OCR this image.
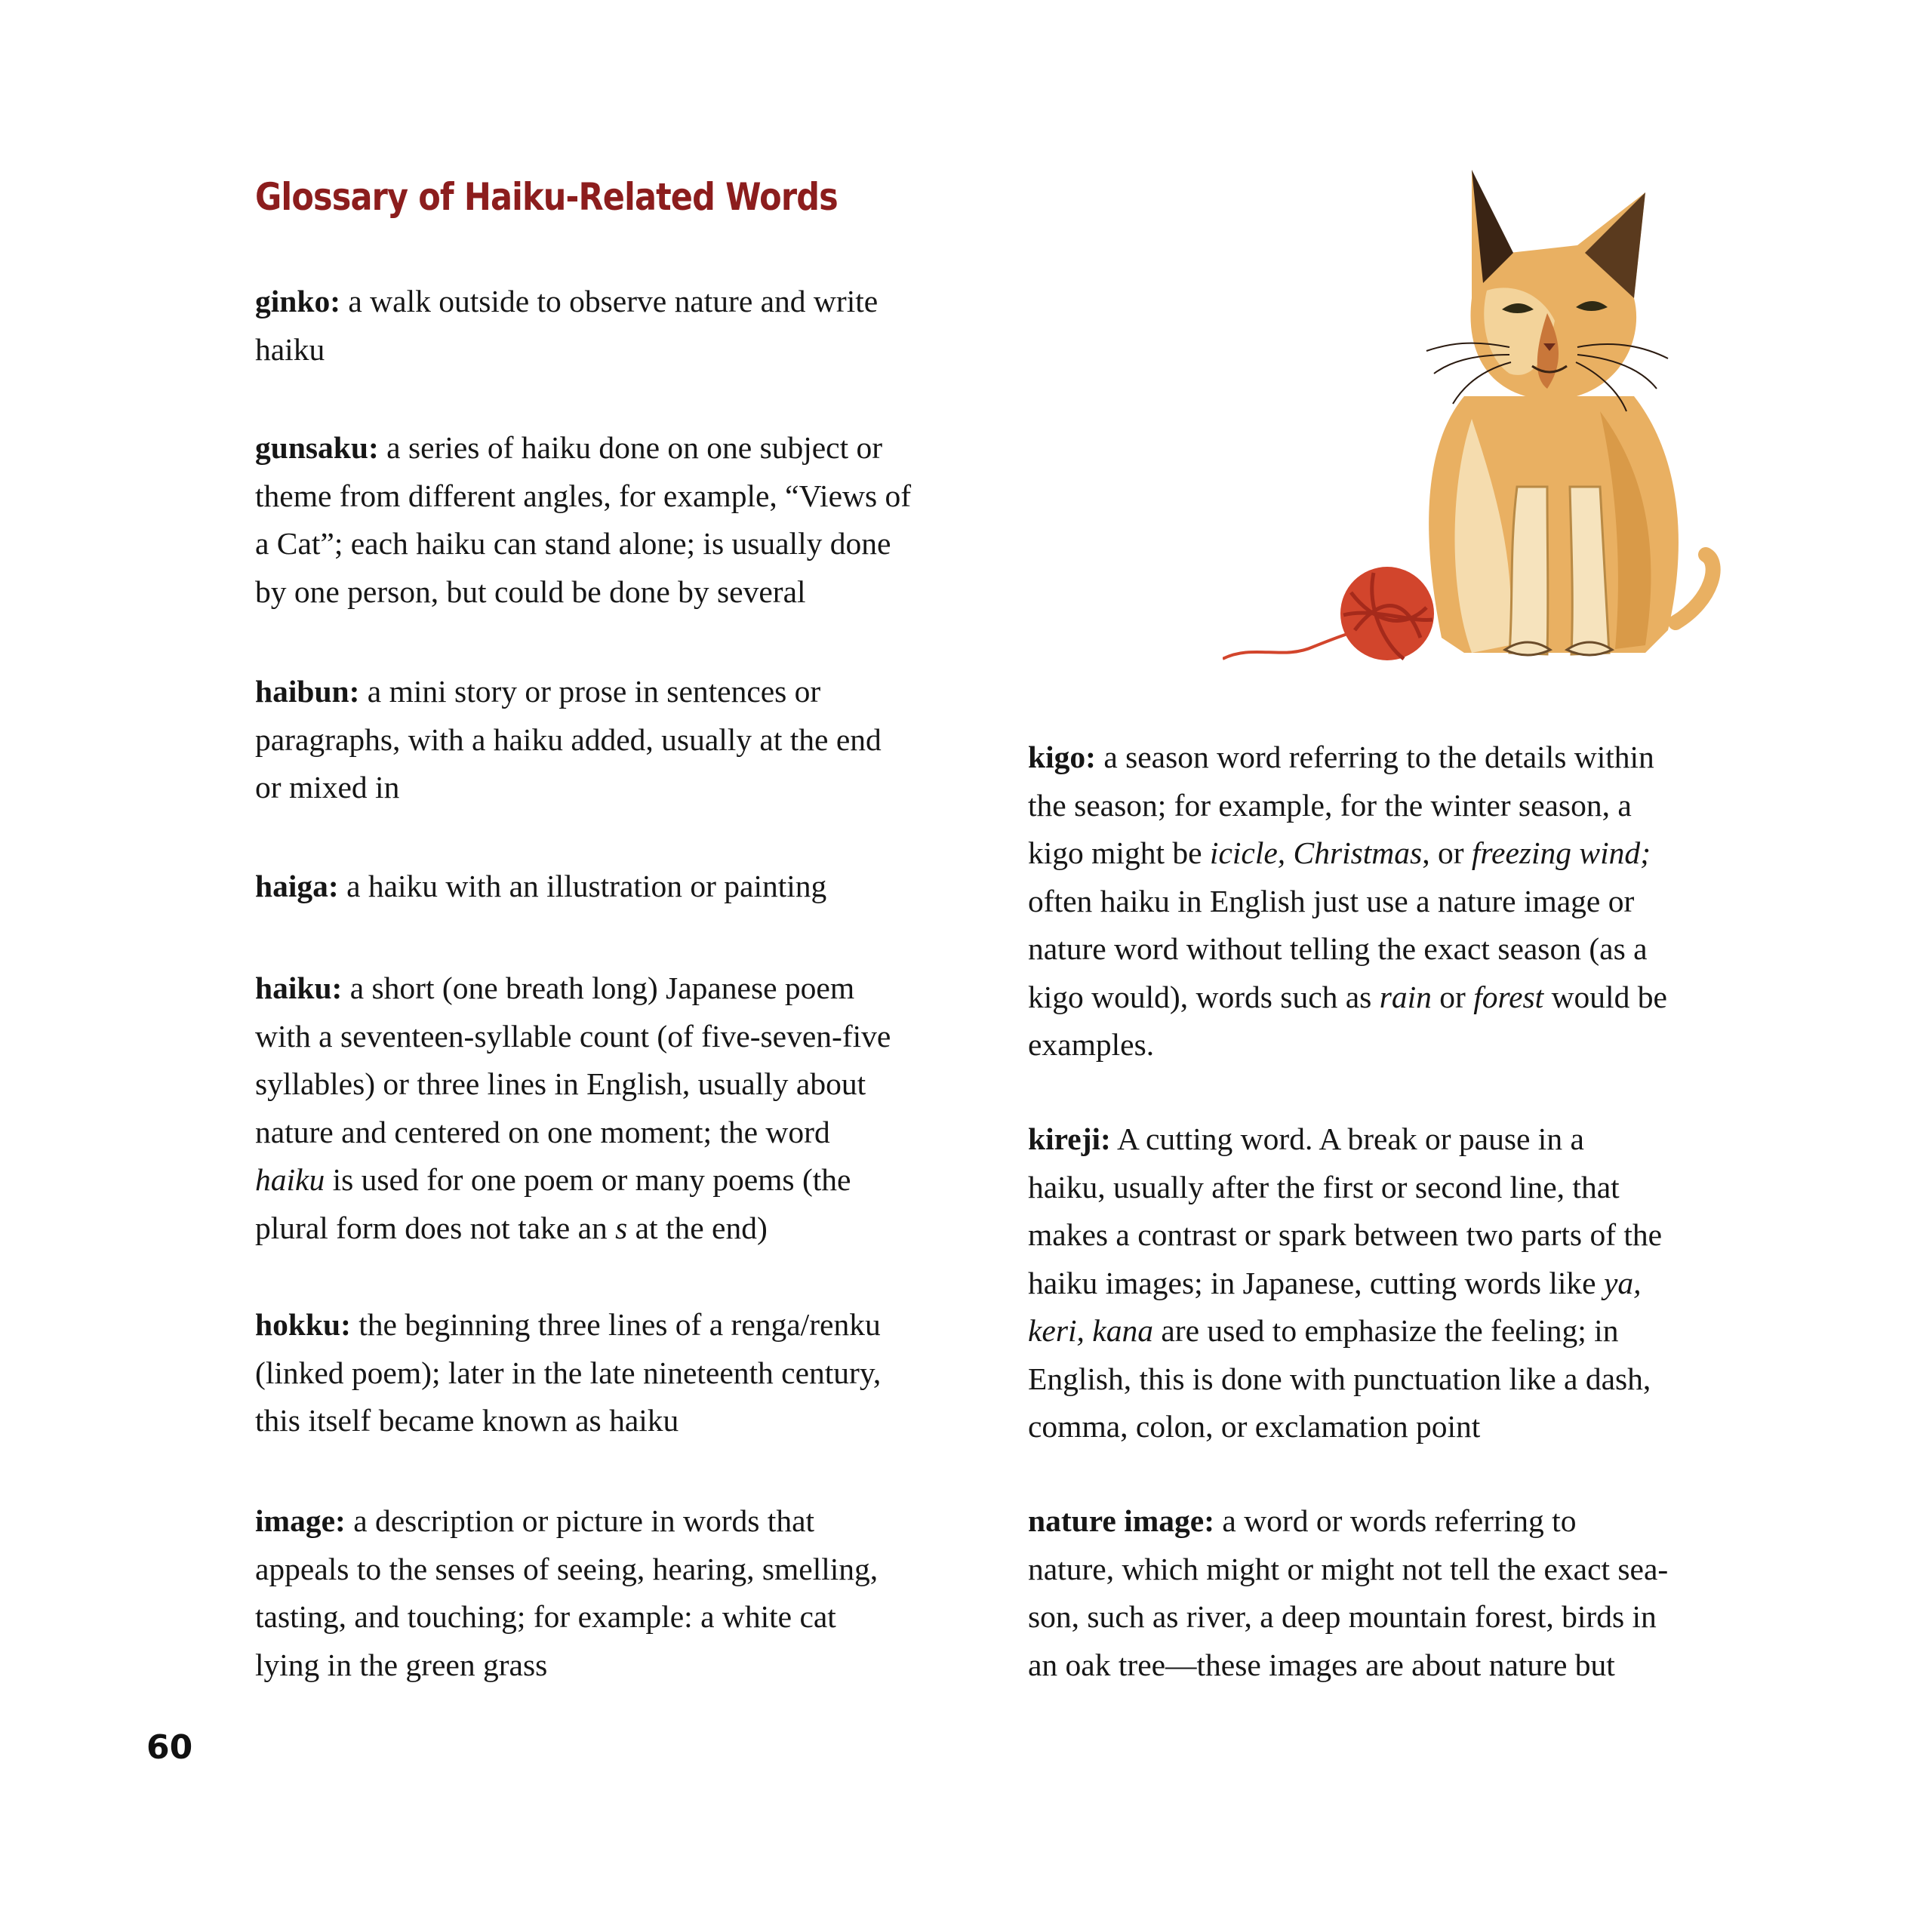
Glossary of Haiku-Related Words

ginko: a walk outside to observe nature and write
haiku

gunsaku: a series of haiku done on one subject or
theme from different angles, for example, “Views of
a Cat”; each haiku can stand alone; is usually done
by one person, but could be done by several

haibun: a mini story or prose in sentences or
paragraphs, with a haiku added, usually at the end
or mixed in

haiga: a haiku with an illustration or painting

haiku: a short (one breath long) Japanese poem
with a seventeen-syllable count (of five-seven-five
syllables) or three lines in English, usually about
nature and centered on one moment; the word
haiku is used for one poem or many poems (the
plural form does not take an s at the end)

hokku: the beginning three lines of a renga/renku
(linked poem); later in the late nineteenth century,
this itself became known as haiku

image: a description or picture in words that
appeals to the senses of seeing, hearing, smelling,
tasting, and touching; for example: a white cat
lying in the green grass

kigo: a season word referring to the details within
the season; for example, for the winter season, a
kigo might be icicle, Christmas, or freezing wind;
often haiku in English just use a nature image or
nature word without telling the exact season (as a
kigo would), words such as rain or forest would be
examples.

kireji: A cutting word. A break or pause in a
haiku, usually after the first or second line, that
makes a contrast or spark between two parts of the
haiku images; in Japanese, cutting words like ya,
keri, kana are used to emphasize the feeling; in
English, this is done with punctuation like a dash,
comma, colon, or exclamation point

nature image: a word or words referring to
nature, which might or might not tell the exact sea-
son, such as river, a deep mountain forest, birds in
an oak tree—these images are about nature but

60
